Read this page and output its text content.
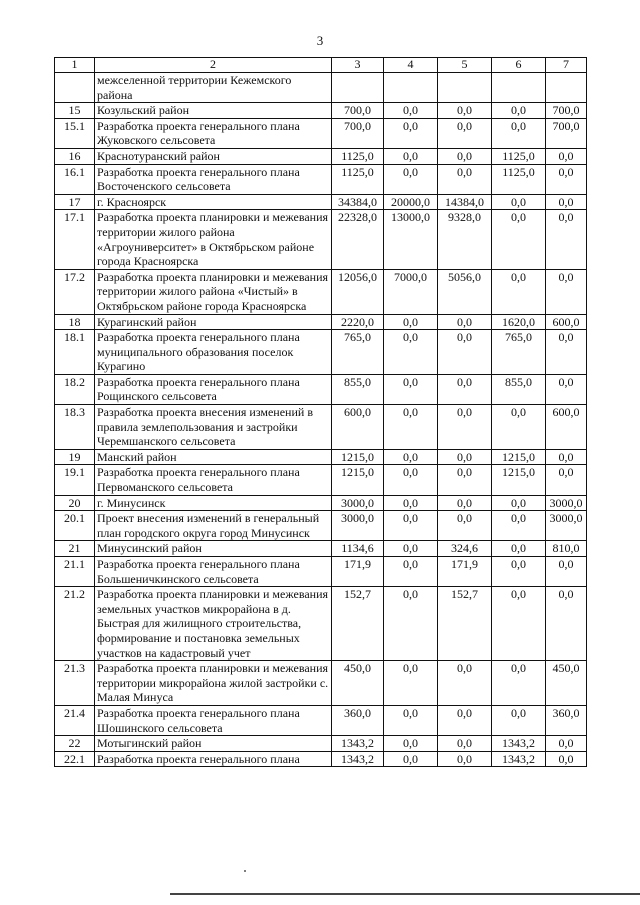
3
1	2	3	4	5	6	7
	межселенной территории Кежемского района					
15	Козульский район	700,0	0,0	0,0	0,0	700,0
15.1	Разработка проекта генерального плана Жуковского сельсовета	700,0	0,0	0,0	0,0	700,0
16	Краснотуранский район	1125,0	0,0	0,0	1125,0	0,0
16.1	Разработка проекта генерального плана Восточенского сельсовета	1125,0	0,0	0,0	1125,0	0,0
17	г. Красноярск	34384,0	20000,0	14384,0	0,0	0,0
17.1	Разработка проекта планировки и межевания территории жилого района «Агроуниверситет» в Октябрьском районе города Красноярска	22328,0	13000,0	9328,0	0,0	0,0
17.2	Разработка проекта планировки и межевания территории жилого района «Чистый» в Октябрьском районе города Красноярска	12056,0	7000,0	5056,0	0,0	0,0
18	Курагинский район	2220,0	0,0	0,0	1620,0	600,0
18.1	Разработка проекта генерального плана муниципального образования поселок Курагино	765,0	0,0	0,0	765,0	0,0
18.2	Разработка проекта генерального плана Рощинского сельсовета	855,0	0,0	0,0	855,0	0,0
18.3	Разработка проекта внесения изменений в правила землепользования и застройки Черемшанского сельсовета	600,0	0,0	0,0	0,0	600,0
19	Манский район	1215,0	0,0	0,0	1215,0	0,0
19.1	Разработка проекта генерального плана Первоманского сельсовета	1215,0	0,0	0,0	1215,0	0,0
20	г. Минусинск	3000,0	0,0	0,0	0,0	3000,0
20.1	Проект внесения изменений в генеральный план городского округа город Минусинск	3000,0	0,0	0,0	0,0	3000,0
21	Минусинский район	1134,6	0,0	324,6	0,0	810,0
21.1	Разработка проекта генерального плана Большеничкинского сельсовета	171,9	0,0	171,9	0,0	0,0
21.2	Разработка проекта планировки и межевания земельных участков микрорайона в д. Быстрая для жилищного строительства, формирование и постановка земельных участков на кадастровый учет	152,7	0,0	152,7	0,0	0,0
21.3	Разработка проекта планировки и межевания территории микрорайона жилой застройки с. Малая Минуса	450,0	0,0	0,0	0,0	450,0
21.4	Разработка проекта генерального плана Шошинского сельсовета	360,0	0,0	0,0	0,0	360,0
22	Мотыгинский район	1343,2	0,0	0,0	1343,2	0,0
22.1	Разработка проекта генерального плана	1343,2	0,0	0,0	1343,2	0,0
